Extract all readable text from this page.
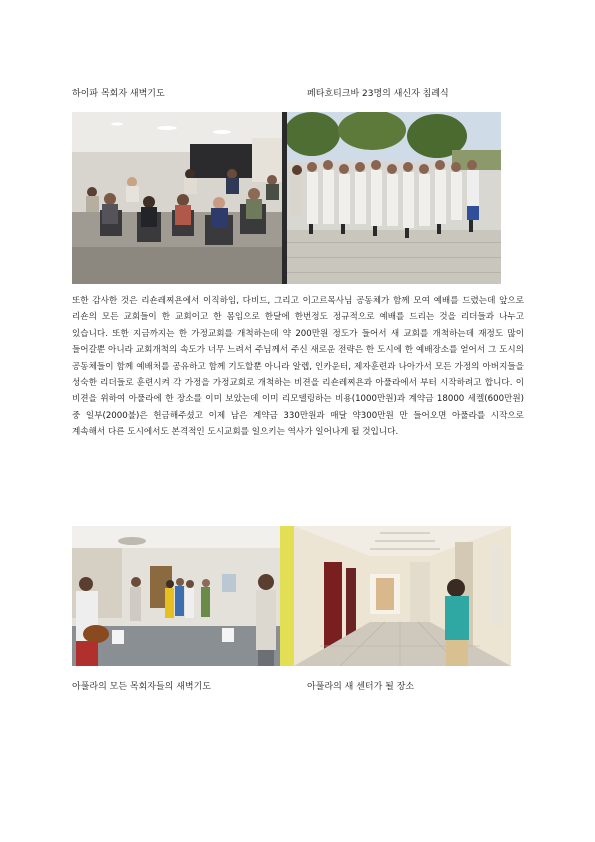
하이파 목회자 새벽기도	페타흐티크바 23명의 새신자 침례식
또한 감사한 것은 리숀레찌욘에서 이직하임, 다비드, 그리고 이고르목사님 공동체가 함께 모여 예배를 드렸는데 앞으로 리숀의 모든 교회들이 한 교회이고 한 몸임으로 한달에 한번정도 정규적으로 예배를 드리는 것을 리더들과 나누고 있습니다. 또한 지금까지는 한 가정교회를 개척하는데 약 200만원 정도가 들어서 새 교회를 개척하는데 재정도 많이 들어갈뿐 아니라 교회개척의 속도가 너무 느려서 주님께서 주신 새로운 전략은 한 도시에 한 예배장소를 얻어서 그 도시의 공동체들이 함께 예배처를 공유하고 함께 기도할뿐 아니라 알렙, 인카운터, 제자훈련과 나아가서 모든 가정의 아버지들을 성숙한 리더들로 훈련시켜 각 가정을 가정교회로 개척하는 비젼을 리숀레찌욘과 아풀라에서 부터 시작하려고 합니다. 이 비젼을 위하여 아풀라에 한 장소를 이미 보았는데 이미 리모델링하는 비용(1000만원)과 계약금 18000 세켈(600만원)중 일부(2000불)은 헌금해주셨고 이제 남은 계약금 330만원과 매달 약300만원 만 들어오면 아풀라를 시작으로 계속해서 다른 도시에서도 본격적인 도시교회를 일으키는 역사가 일어나게 될 것입니다.
아풀라의 모든 목회자들의 새벽기도	아풀라의 새 센터가 될 장소
